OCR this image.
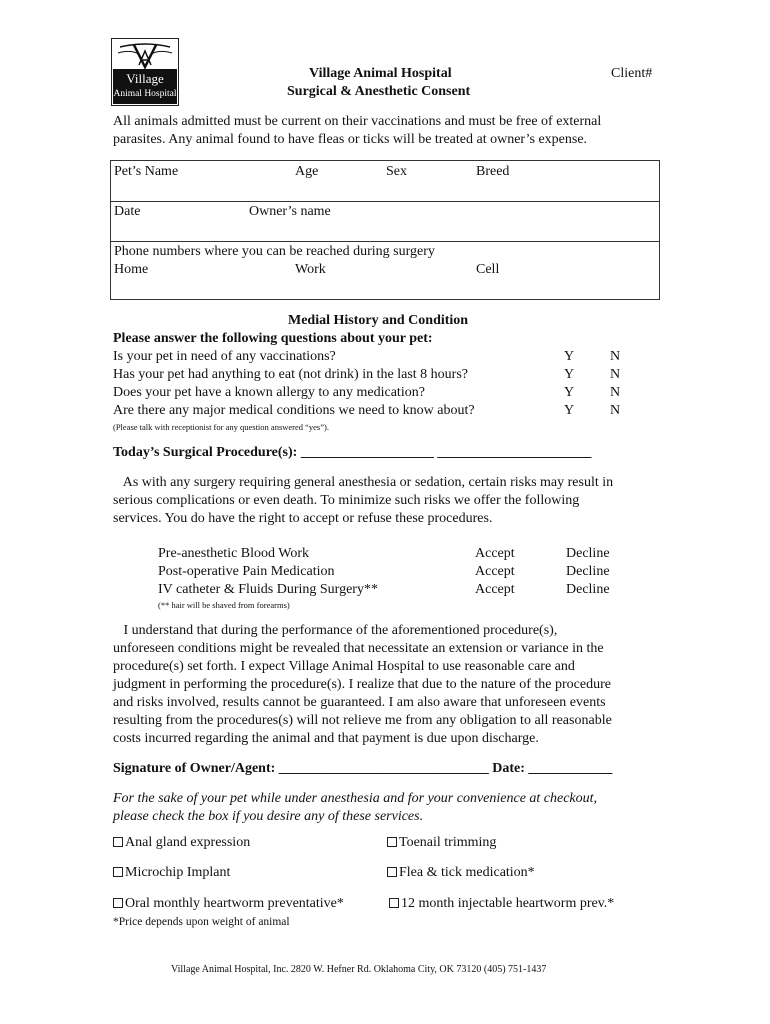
Village
Animal Hospital
Village Animal Hospital
Surgical & Anesthetic Consent
Client#
All animals admitted must be current on their vaccinations and must be free of external
parasites. Any animal found to have fleas or ticks will be treated at owner’s expense.
Pet’s Name	Age	Sex	Breed
Date	Owner’s name
Phone numbers where you can be reached during surgery
Home	Work	Cell
Medial History and Condition
Please answer the following questions about your pet:
Is your pet in need of any vaccinations?	Y	N
Has your pet had anything to eat (not drink) in the last 8 hours?	Y	N
Does your pet have a known allergy to any medication?	Y	N
Are there any major medical conditions we need to know about?	Y	N
(Please talk with receptionist for any question answered “yes”).
Today’s Surgical Procedure(s): ___________________ ______________________
As with any surgery requiring general anesthesia or sedation, certain risks may result in
serious complications or even death. To minimize such risks we offer the following
services. You do have the right to accept or refuse these procedures.
Pre-anesthetic Blood Work	Accept	Decline
Post-operative Pain Medication	Accept	Decline
IV catheter & Fluids During Surgery**	Accept	Decline
(** hair will be shaved from forearms)
I understand that during the performance of the aforementioned procedure(s),
unforeseen conditions might be revealed that necessitate an extension or variance in the
procedure(s) set forth. I expect Village Animal Hospital to use reasonable care and
judgment in performing the procedure(s). I realize that due to the nature of the procedure
and risks involved, results cannot be guaranteed. I am also aware that unforeseen events
resulting from the procedures(s) will not relieve me from any obligation to all reasonable
costs incurred regarding the animal and that payment is due upon discharge.
Signature of Owner/Agent: ______________________________ Date: ____________
For the sake of your pet while under anesthesia and for your convenience at checkout,
please check the box if you desire any of these services.
Anal gland expression	Toenail trimming
Microchip Implant	Flea & tick medication*
Oral monthly heartworm preventative*	12 month injectable heartworm prev.*
*Price depends upon weight of animal
Village Animal Hospital, Inc. 2820 W. Hefner Rd. Oklahoma City, OK 73120 (405) 751-1437
